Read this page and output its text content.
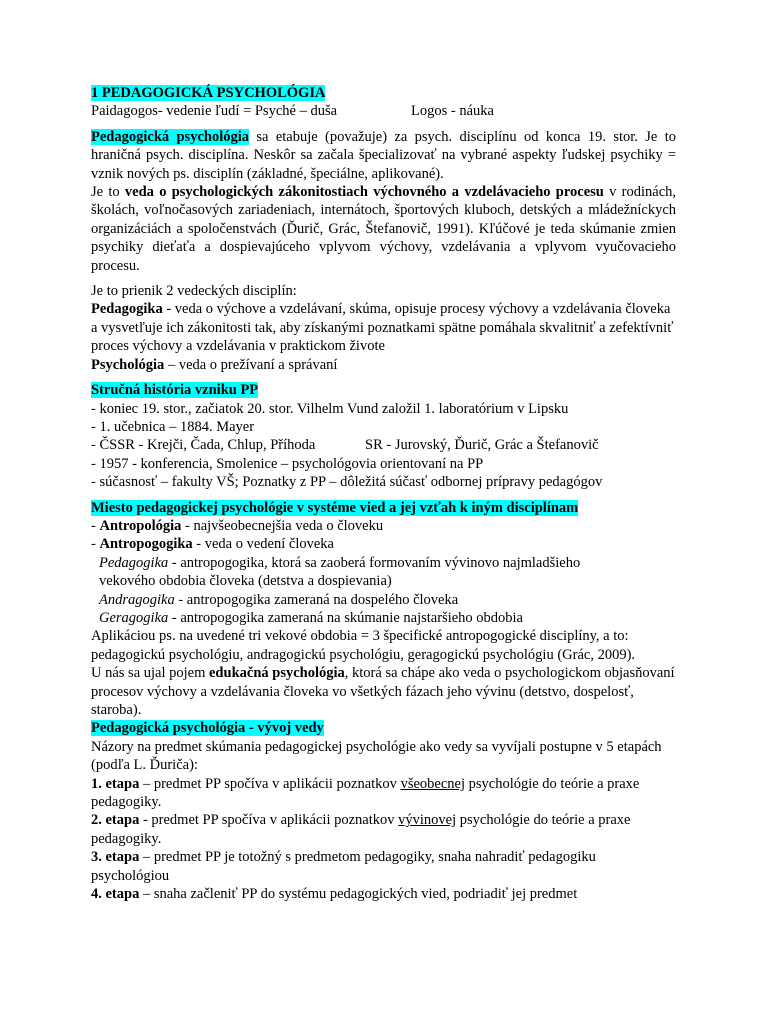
1 PEDAGOGICKÁ PSYCHOLÓGIA
Paidagogos- vedenie ľudí = Psyché – duša	Logos - náuka

Pedagogická psychológia sa etabuje (považuje) za psych. disciplínu od konca 19. stor. Je to hraničná psych. disciplína. Neskôr sa začala špecializovať na vybrané aspekty ľudskej psychiky = vznik nových ps. disciplín (základné, špeciálne, aplikované).

Je to veda o psychologických zákonitostiach výchovného a vzdelávacieho procesu v rodinách, školách, voľnočasových zariadeniach, internátoch, športových kluboch, detských a mládežníckych organizáciách a spoločenstvách (Ďurič, Grác, Štefanovič, 1991). Kľúčové je teda skúmanie zmien psychiky dieťaťa a dospievajúceho vplyvom výchovy, vzdelávania a vplyvom vyučovacieho procesu.

Je to prienik 2 vedeckých disciplín:

Pedagogika - veda o výchove a vzdelávaní, skúma, opisuje procesy výchovy a vzdelávania človeka a vysvetľuje ich zákonitosti tak, aby získanými poznatkami spätne pomáhala skvalitniť a zefektívniť proces výchovy a vzdelávania v praktickom živote

Psychológia – veda o prežívaní a správaní

Stručná história vzniku PP

- koniec 19. stor., začiatok 20. stor. Vilhelm Vund založil 1. laboratórium v Lipsku
- 1. učebnica – 1884. Mayer
- ČSSR - Krejči, Čada, Chlup, Příhoda	SR - Jurovský, Ďurič, Grác a Štefanovič
- 1957 - konferencia, Smolenice – psychológovia orientovaní na PP
- súčasnosť – fakulty VŠ; Poznatky z PP – dôležitá súčasť odbornej prípravy pedagógov

Miesto pedagogickej psychológie v systéme vied a jej vzťah k iným disciplínam

- Antropológia - najvšeobecnejšia veda o človeku
- Antropogogika - veda o vedení človeka
Pedagogika - antropogogika, ktorá sa zaoberá formovaním vývinovo najmladšieho
vekového obdobia človeka (detstva a dospievania)
Andragogika - antropogogika zameraná na dospelého človeka
Geragogika - antropogogika zameraná na skúmanie najstaršieho obdobia

Aplikáciou ps. na uvedené tri vekové obdobia = 3 špecifické antropogogické disciplíny, a to: pedagogickú psychológiu, andragogickú psychológiu, geragogickú psychológiu (Grác, 2009).

U nás sa ujal pojem edukačná psychológia, ktorá sa chápe ako veda o psychologickom objasňovaní procesov výchovy a vzdelávania človeka vo všetkých fázach jeho vývinu (detstvo, dospelosť, staroba).

Pedagogická psychológia - vývoj vedy

Názory na predmet skúmania pedagogickej psychológie ako vedy sa vyvíjali postupne v 5 etapách (podľa L. Ďuriča):

1. etapa – predmet PP spočíva v aplikácii poznatkov všeobecnej psychológie do teórie a praxe pedagogiky.

2. etapa - predmet PP spočíva v aplikácii poznatkov vývinovej psychológie do teórie a praxe pedagogiky.

3. etapa – predmet PP je totožný s predmetom pedagogiky, snaha nahradiť pedagogiku psychológiou

4. etapa – snaha začleniť PP do systému pedagogických vied, podriadiť jej predmet
